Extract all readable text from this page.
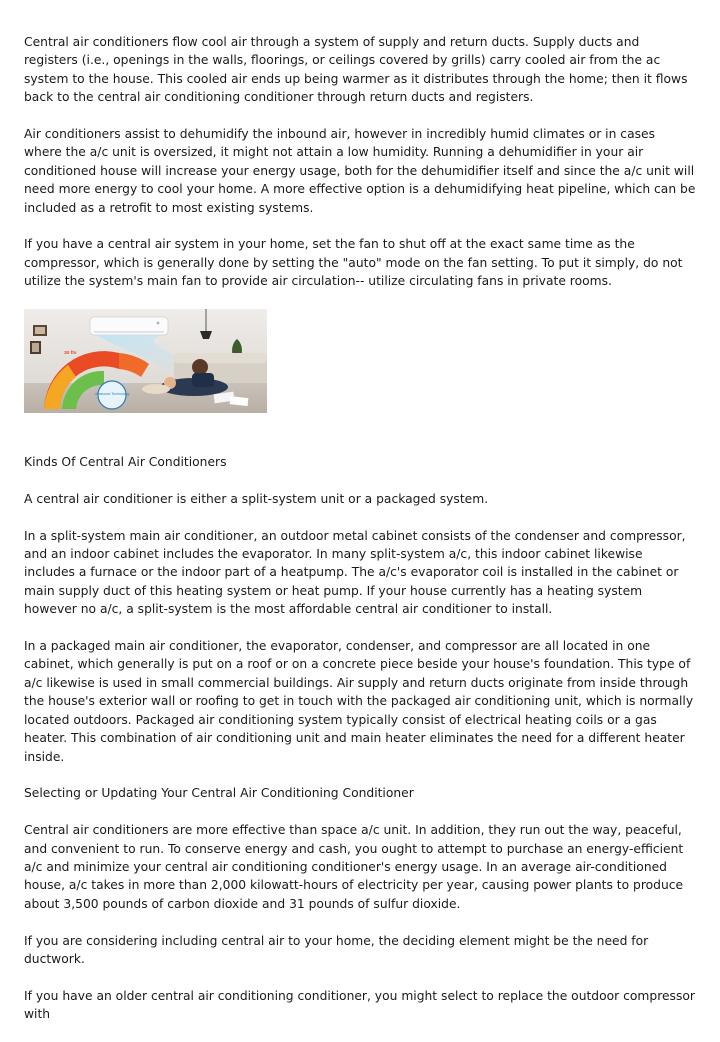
Central air conditioners flow cool air through a system of supply and return ducts. Supply ducts and registers (i.e., openings in the walls, floorings, or ceilings covered by grills) carry cooled air from the ac system to the house. This cooled air ends up being warmer as it distributes through the home; then it flows back to the central air conditioning conditioner through return ducts and registers.

Air conditioners assist to dehumidify the inbound air, however in incredibly humid climates or in cases where the a/c unit is oversized, it might not attain a low humidity. Running a dehumidifier in your air conditioned house will increase your energy usage, both for the dehumidifier itself and since the a/c unit will need more energy to cool your home. A more effective option is a dehumidifying heat pipeline, which can be included as a retrofit to most existing systems.

If you have a central air system in your home, set the fan to shut off at the exact same time as the compressor, which is generally done by setting the "auto" mode on the fan setting. To put it simply, do not utilize the system's main fan to provide air circulation-- utilize circulating fans in private rooms.

30 fts
Ultrasonic Technology

Kinds Of Central Air Conditioners

A central air conditioner is either a split-system unit or a packaged system.

In a split-system main air conditioner, an outdoor metal cabinet consists of the condenser and compressor, and an indoor cabinet includes the evaporator. In many split-system a/c, this indoor cabinet likewise includes a furnace or the indoor part of a heatpump. The a/c's evaporator coil is installed in the cabinet or main supply duct of this heating system or heat pump. If your house currently has a heating system however no a/c, a split-system is the most affordable central air conditioner to install.

In a packaged main air conditioner, the evaporator, condenser, and compressor are all located in one cabinet, which generally is put on a roof or on a concrete piece beside your house's foundation. This type of a/c likewise is used in small commercial buildings. Air supply and return ducts originate from inside through the house's exterior wall or roofing to get in touch with the packaged air conditioning unit, which is normally located outdoors. Packaged air conditioning system typically consist of electrical heating coils or a gas heater. This combination of air conditioning unit and main heater eliminates the need for a different heater inside.

Selecting or Updating Your Central Air Conditioning Conditioner

Central air conditioners are more effective than space a/c unit. In addition, they run out the way, peaceful, and convenient to run. To conserve energy and cash, you ought to attempt to purchase an energy-efficient a/c and minimize your central air conditioning conditioner's energy usage. In an average air-conditioned house, a/c takes in more than 2,000 kilowatt-hours of electricity per year, causing power plants to produce about 3,500 pounds of carbon dioxide and 31 pounds of sulfur dioxide.

If you are considering including central air to your home, the deciding element might be the need for ductwork.

If you have an older central air conditioning conditioner, you might select to replace the outdoor compressor with
